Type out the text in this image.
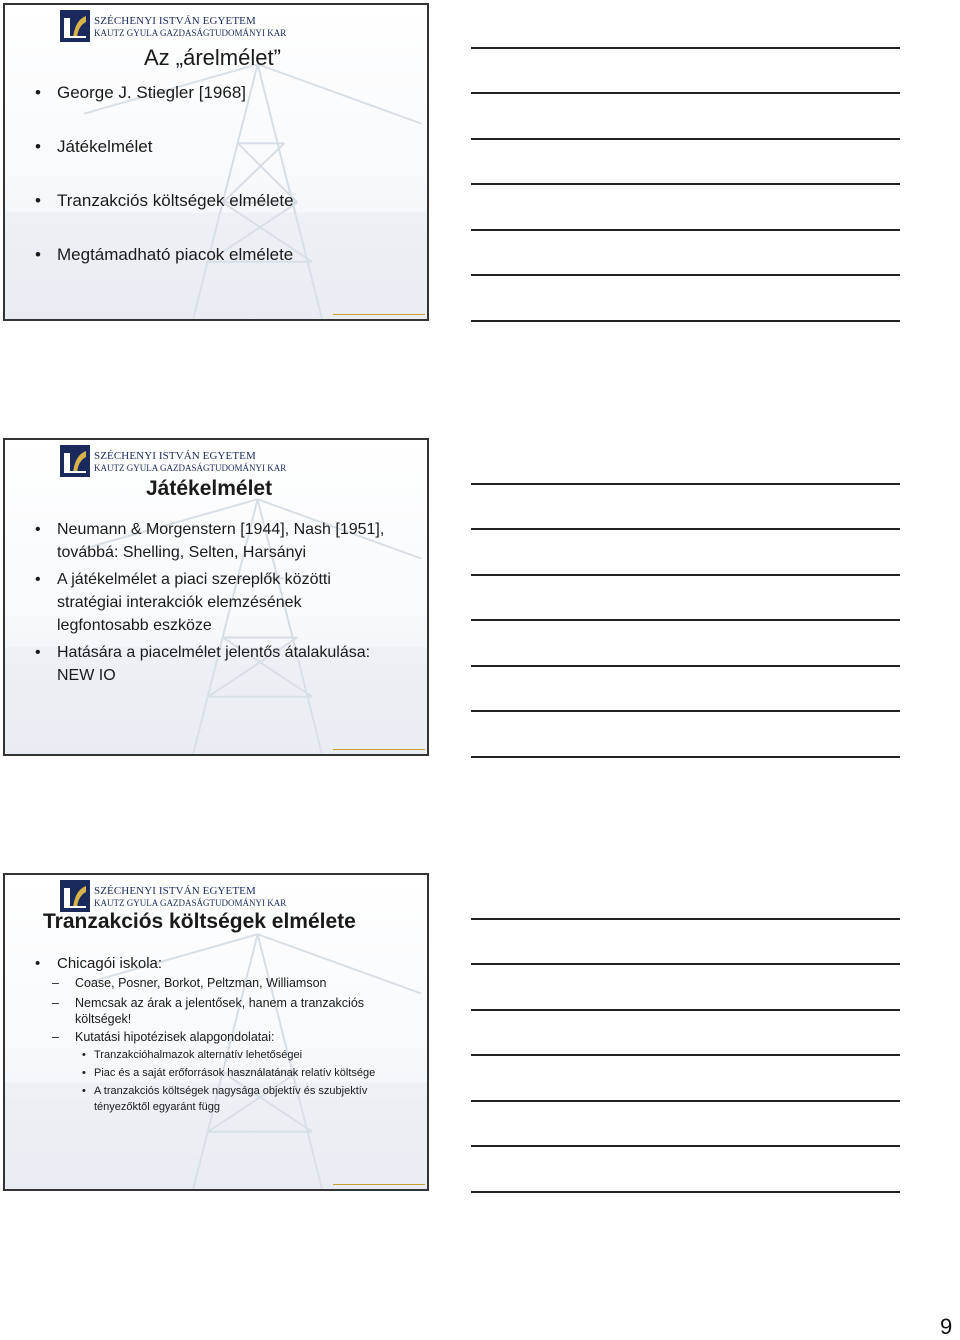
SZÉCHENYI ISTVÁN EGYETEM
KAUTZ GYULA GAZDASÁGTUDOMÁNYI KAR
Az „árelmélet”
• George J. Stiegler [1968]
• Játékelmélet
• Tranzakciós költségek elmélete
• Megtámadható piacok elmélete
SZÉCHENYI ISTVÁN EGYETEM
KAUTZ GYULA GAZDASÁGTUDOMÁNYI KAR
Játékelmélet
• Neumann & Morgenstern [1944], Nash [1951], továbbá: Shelling, Selten, Harsányi
• A játékelmélet a piaci szereplők közötti stratégiai interakciók elemzésének legfontosabb eszköze
• Hatására a piacelmélet jelentős átalakulása: NEW IO
SZÉCHENYI ISTVÁN EGYETEM
KAUTZ GYULA GAZDASÁGTUDOMÁNYI KAR
Tranzakciós költségek elmélete
• Chicagói iskola:
– Coase, Posner, Borkot, Peltzman, Williamson
– Nemcsak az árak a jelentősek, hanem a tranzakciós költségek!
– Kutatási hipotézisek alapgondolatai:
• Tranzakcióhalmazok alternatív lehetőségei
• Piac és a saját erőforrások használatának relatív költsége
• A tranzakciós költségek nagysága objektív és szubjektív tényezőktől egyaránt függ
9
